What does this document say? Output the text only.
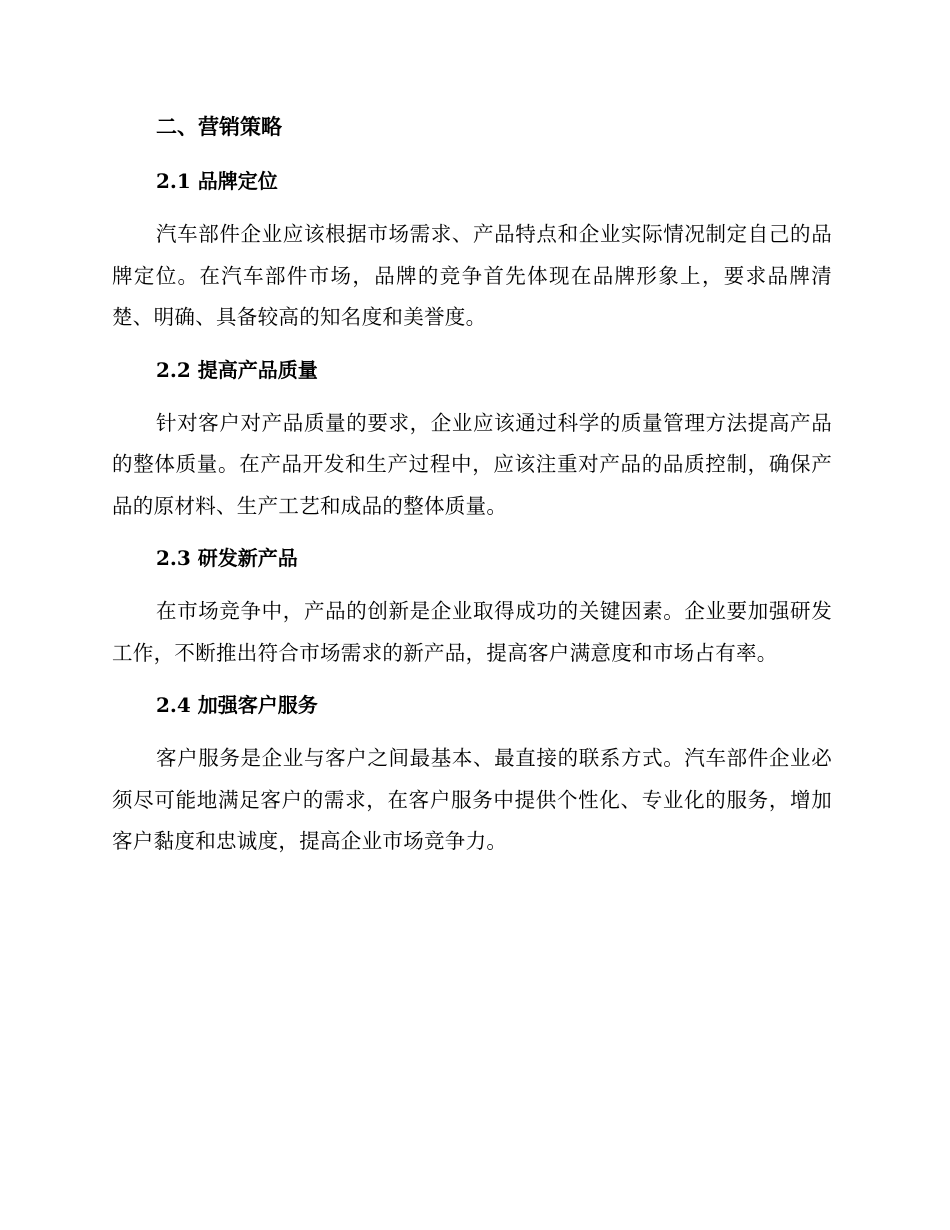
二、营销策略
2.1 品牌定位

汽车部件企业应该根据市场需求、产品特点和企业实际情况制定自己的品牌定位。在汽车部件市场，品牌的竞争首先体现在品牌形象上，要求品牌清楚、明确、具备较高的知名度和美誉度。

2.2 提高产品质量

针对客户对产品质量的要求，企业应该通过科学的质量管理方法提高产品的整体质量。在产品开发和生产过程中，应该注重对产品的品质控制，确保产品的原材料、生产工艺和成品的整体质量。

2.3 研发新产品

在市场竞争中，产品的创新是企业取得成功的关键因素。企业要加强研发工作，不断推出符合市场需求的新产品，提高客户满意度和市场占有率。

2.4 加强客户服务

客户服务是企业与客户之间最基本、最直接的联系方式。汽车部件企业必须尽可能地满足客户的需求，在客户服务中提供个性化、专业化的服务，增加客户黏度和忠诚度，提高企业市场竞争力。
